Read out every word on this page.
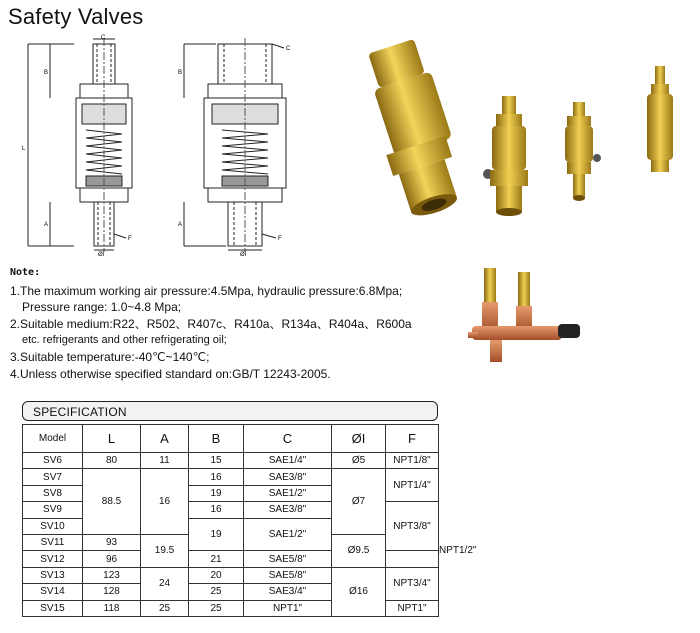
Safety Valves
C
B
L
A
ØI
F
C
B
A
ØI
F
Note:
1.The maximum working air pressure:4.5Mpa, hydraulic pressure:6.8Mpa;
Pressure range: 1.0~4.8 Mpa;
2.Suitable medium:R22、R502、R407c、R410a、R134a、R404a、R600a
etc. refrigerants and other refrigerating oil;
3.Suitable temperature:-40℃~140℃;
4.Unless otherwise specified standard on:GB/T 12243-2005.
SPECIFICATION
Model	L	A	B	C	ØI	F	
SV6	80	11	15	SAE1/4"	Ø5	NPT1/8"	
SV7	88.5	16	16	SAE3/8"	Ø7	NPT1/4"	
SV8			19	SAE1/2"			
SV9			16	SAE3/8"		NPT3/8"	
SV10			19	SAE1/2"			
SV11	93	19.5			Ø9.5		NPT1/2"
SV12	96		21	SAE5/8"			
SV13	123	24	20	SAE5/8"	Ø16	NPT3/4"	
SV14	128		25	SAE3/4"			
SV15	118	25	25	NPT1"		NPT1"	
